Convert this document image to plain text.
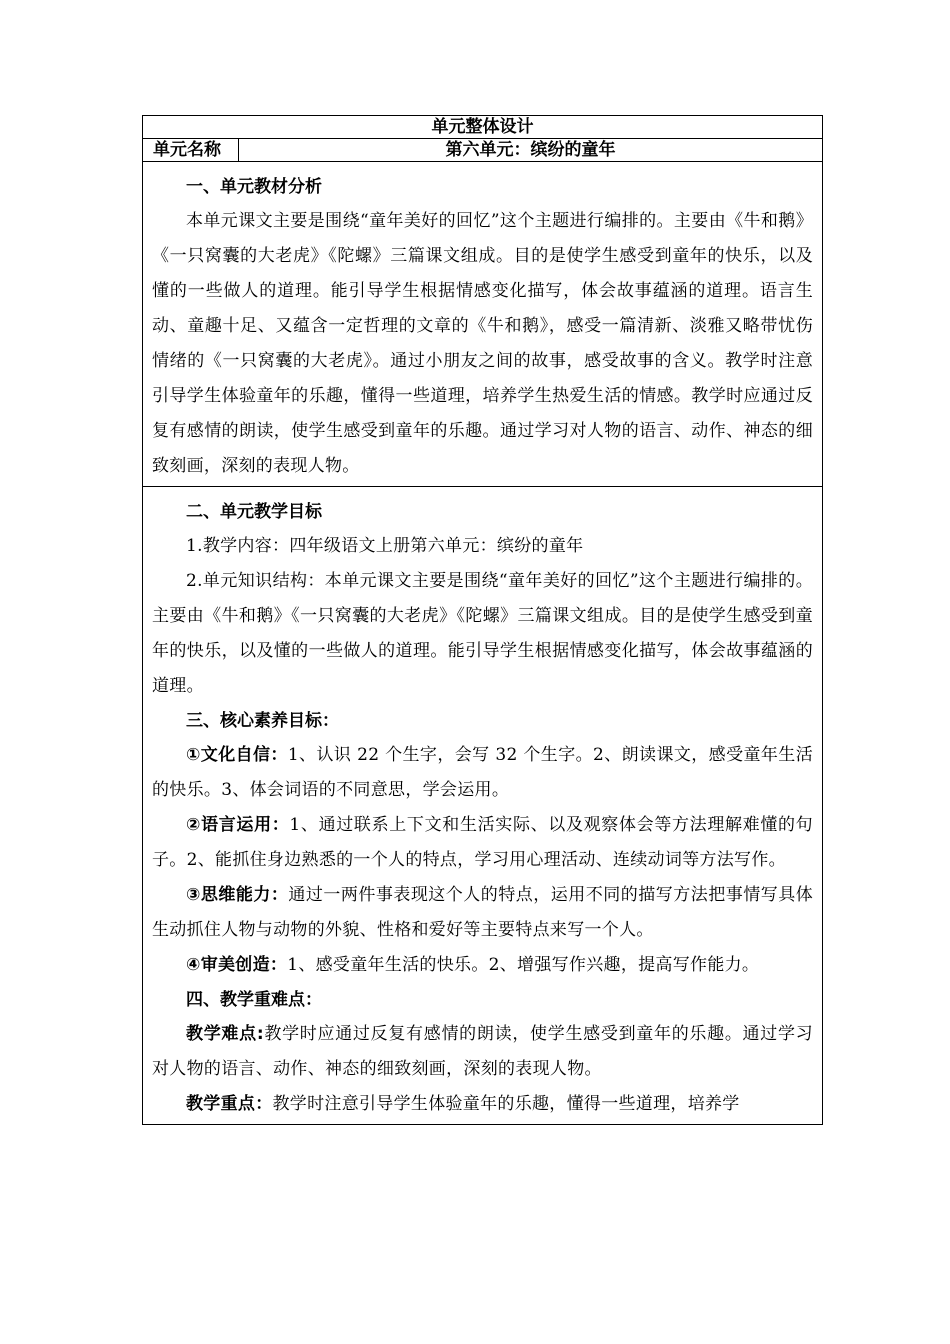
单元整体设计
单元名称	第六单元：缤纷的童年

一、单元教材分析

本单元课文主要是围绕“童年美好的回忆”这个主题进行编排的。主要由《牛和鹅》《一只窝囊的大老虎》《陀螺》三篇课文组成。目的是使学生感受到童年的快乐，以及懂的一些做人的道理。能引导学生根据情感变化描写，体会故事蕴涵的道理。语言生动、童趣十足、又蕴含一定哲理的文章的《牛和鹅》，感受一篇清新、淡雅又略带忧伤情绪的《一只窝囊的大老虎》。通过小朋友之间的故事，感受故事的含义。教学时注意引导学生体验童年的乐趣，懂得一些道理，培养学生热爱生活的情感。教学时应通过反复有感情的朗读，使学生感受到童年的乐趣。通过学习对人物的语言、动作、神态的细致刻画，深刻的表现人物。

二、单元教学目标

1.教学内容：四年级语文上册第六单元：缤纷的童年

2.单元知识结构：本单元课文主要是围绕“童年美好的回忆”这个主题进行编排的。主要由《牛和鹅》《一只窝囊的大老虎》《陀螺》三篇课文组成。目的是使学生感受到童年的快乐，以及懂的一些做人的道理。能引导学生根据情感变化描写，体会故事蕴涵的道理。

三、核心素养目标：

①文化自信：1、认识 22 个生字，会写 32 个生字。2、朗读课文，感受童年生活的快乐。3、体会词语的不同意思，学会运用。

②语言运用：1、通过联系上下文和生活实际、以及观察体会等方法理解难懂的句子。2、能抓住身边熟悉的一个人的特点，学习用心理活动、连续动词等方法写作。

③思维能力：通过一两件事表现这个人的特点，运用不同的描写方法把事情写具体生动抓住人物与动物的外貌、性格和爱好等主要特点来写一个人。

④审美创造：1、感受童年生活的快乐。2、增强写作兴趣，提高写作能力。

四、教学重难点：

教学难点:教学时应通过反复有感情的朗读，使学生感受到童年的乐趣。通过学习对人物的语言、动作、神态的细致刻画，深刻的表现人物。

教学重点：教学时注意引导学生体验童年的乐趣，懂得一些道理，培养学
